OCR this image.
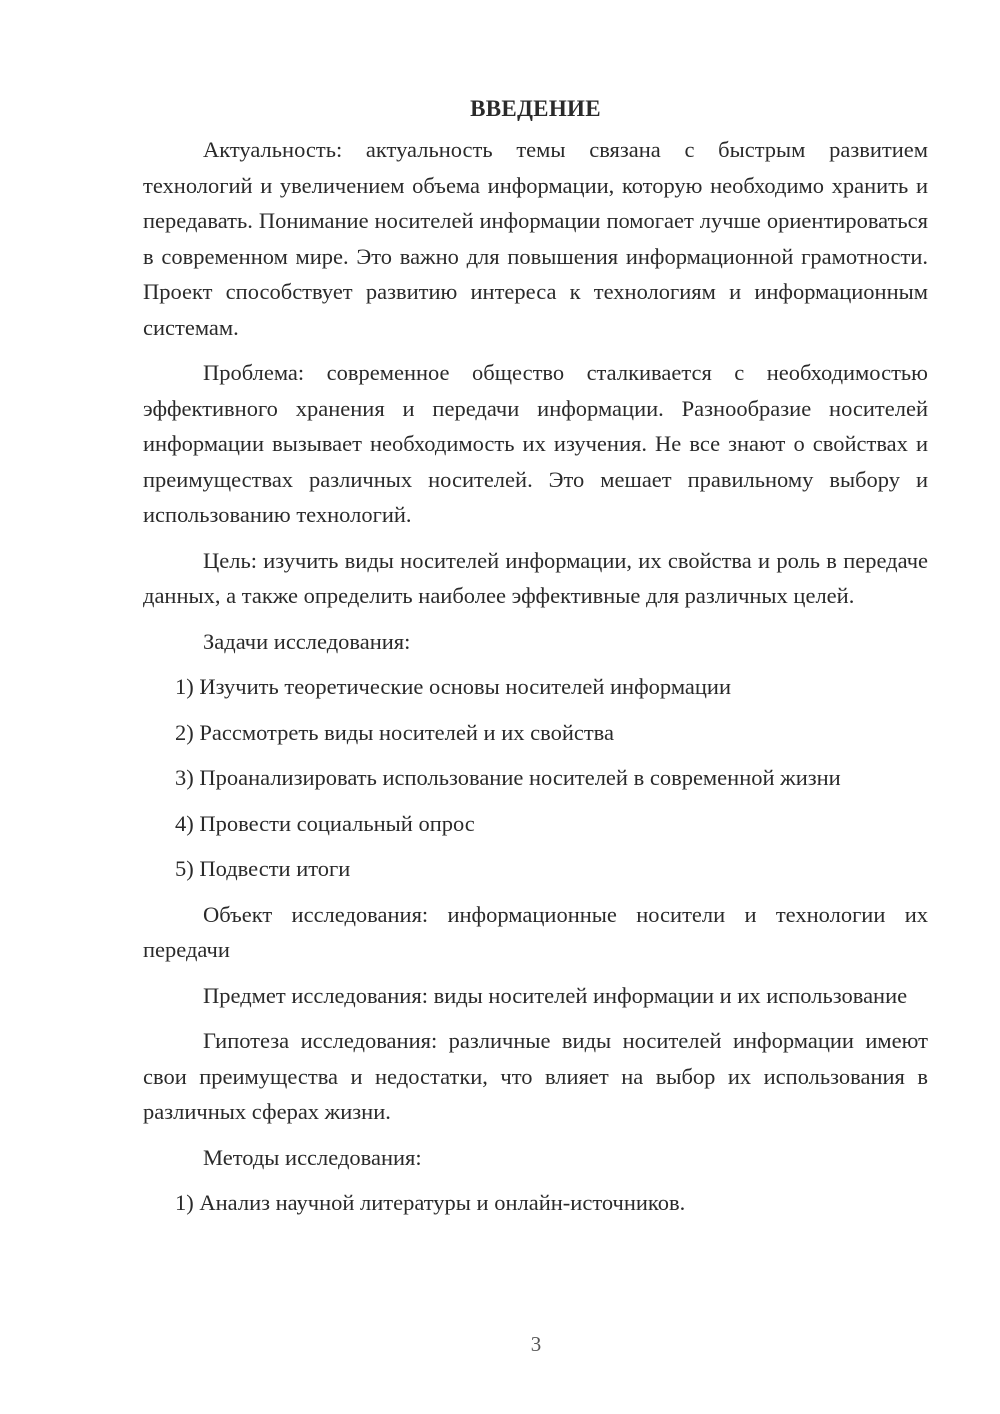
ВВЕДЕНИЕ

Актуальность: актуальность темы связана с быстрым развитием технологий и увеличением объема информации, которую необходимо хранить и передавать. Понимание носителей информации помогает лучше ориентироваться в современном мире. Это важно для повышения информационной грамотности. Проект способствует развитию интереса к технологиям и информационным системам.

Проблема: современное общество сталкивается с необходимостью эффективного хранения и передачи информации. Разнообразие носителей информации вызывает необходимость их изучения. Не все знают о свойствах и преимуществах различных носителей. Это мешает правильному выбору и использованию технологий.

Цель: изучить виды носителей информации, их свойства и роль в передаче данных, а также определить наиболее эффективные для различных целей.

Задачи исследования:

1) Изучить теоретические основы носителей информации

2) Рассмотреть виды носителей и их свойства

3) Проанализировать использование носителей в современной жизни

4) Провести социальный опрос

5) Подвести итоги

Объект исследования: информационные носители и технологии их передачи

Предмет исследования: виды носителей информации и их использование

Гипотеза исследования: различные виды носителей информации имеют свои преимущества и недостатки, что влияет на выбор их использования в различных сферах жизни.

Методы исследования:

1) Анализ научной литературы и онлайн-источников.

3
